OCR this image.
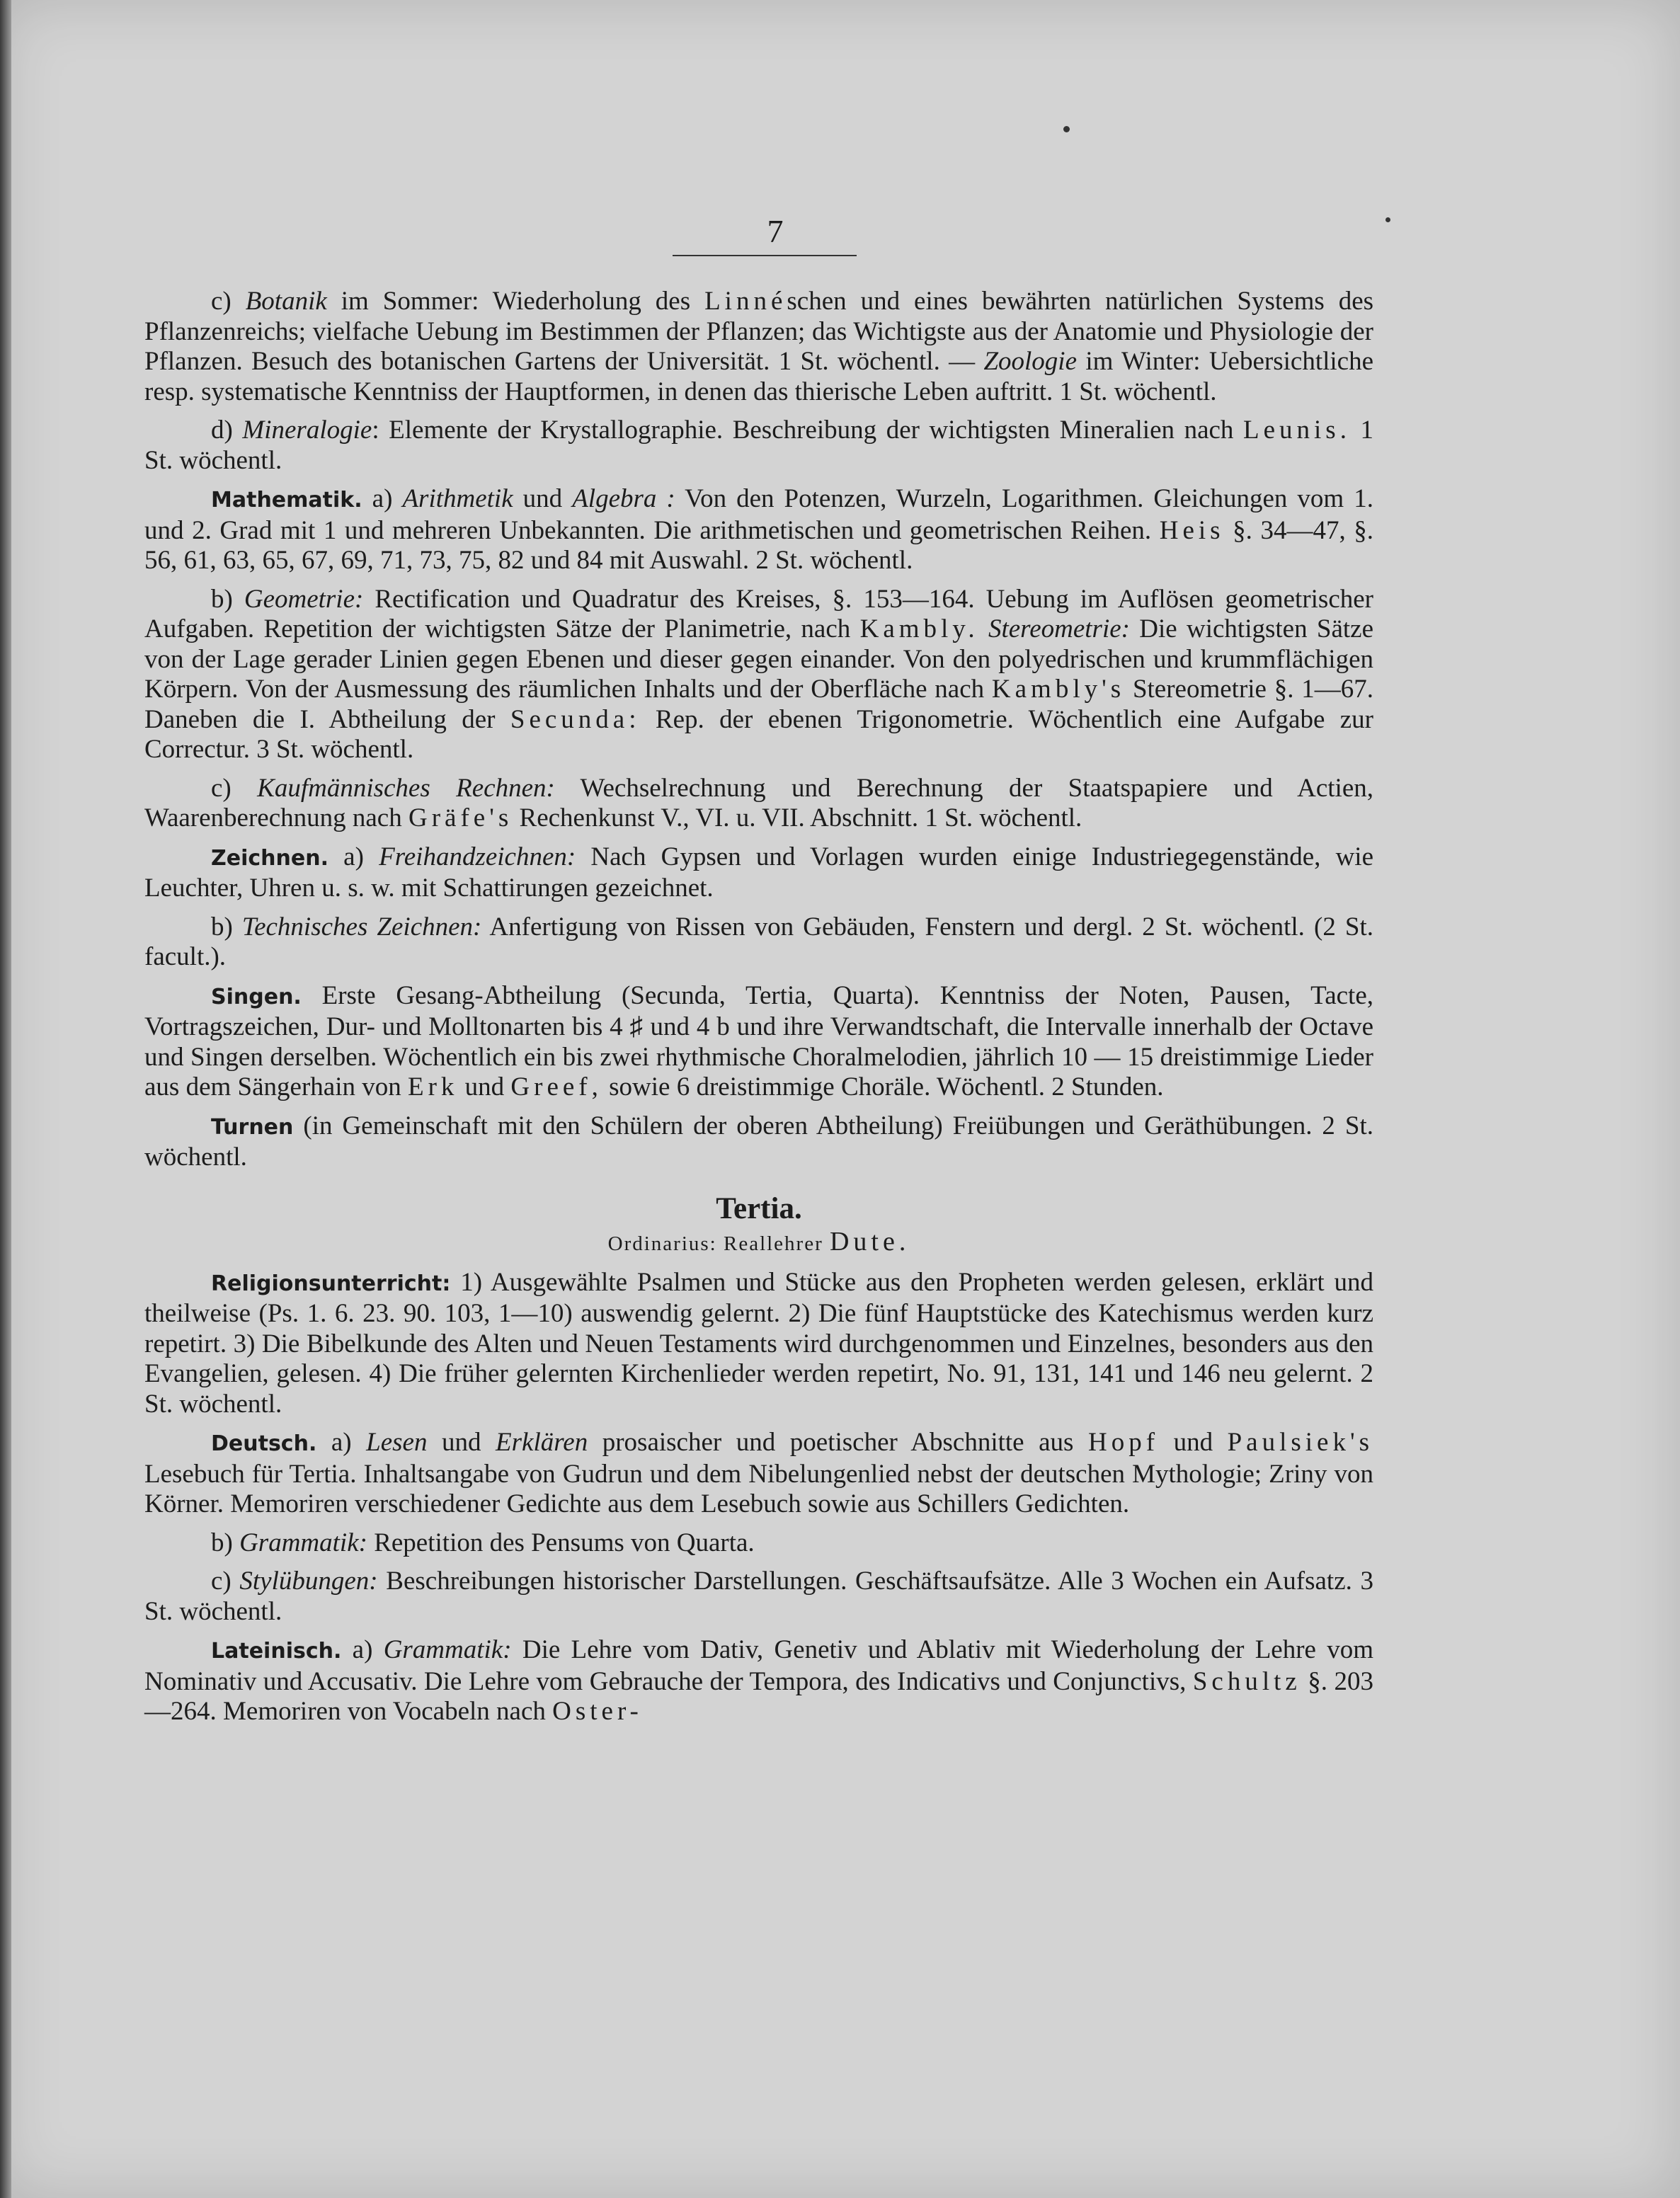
7

c) Botanik im Sommer: Wiederholung des Linnéschen und eines bewährten natürlichen Systems des Pflanzenreichs; vielfache Uebung im Bestimmen der Pflanzen; das Wichtigste aus der Anatomie und Physiologie der Pflanzen. Besuch des botanischen Gartens der Universität. 1 St. wöchentl. — Zoologie im Winter: Uebersichtliche resp. systematische Kenntniss der Hauptformen, in denen das thierische Leben auftritt. 1 St. wöchentl.

d) Mineralogie: Elemente der Krystallographie. Beschreibung der wichtigsten Mineralien nach Leunis. 1 St. wöchentl.

Mathematik. a) Arithmetik und Algebra : Von den Potenzen, Wurzeln, Logarithmen. Gleichungen vom 1. und 2. Grad mit 1 und mehreren Unbekannten. Die arithmetischen und geometrischen Reihen. Heis §. 34—47, §. 56, 61, 63, 65, 67, 69, 71, 73, 75, 82 und 84 mit Auswahl. 2 St. wöchentl.

b) Geometrie: Rectification und Quadratur des Kreises, §. 153—164. Uebung im Auflösen geometrischer Aufgaben. Repetition der wichtigsten Sätze der Planimetrie, nach Kambly. Stereometrie: Die wichtigsten Sätze von der Lage gerader Linien gegen Ebenen und dieser gegen einander. Von den polyedrischen und krummflächigen Körpern. Von der Ausmessung des räumlichen Inhalts und der Oberfläche nach Kambly's Stereometrie §. 1—67. Daneben die I. Abtheilung der Secunda: Rep. der ebenen Trigonometrie. Wöchentlich eine Aufgabe zur Correctur. 3 St. wöchentl.

c) Kaufmännisches Rechnen: Wechselrechnung und Berechnung der Staatspapiere und Actien, Waarenberechnung nach Gräfe's Rechenkunst V., VI. u. VII. Abschnitt. 1 St. wöchentl.

Zeichnen. a) Freihandzeichnen: Nach Gypsen und Vorlagen wurden einige Industriegegenstände, wie Leuchter, Uhren u. s. w. mit Schattirungen gezeichnet.

b) Technisches Zeichnen: Anfertigung von Rissen von Gebäuden, Fenstern und dergl. 2 St. wöchentl. (2 St. facult.).

Singen. Erste Gesang-Abtheilung (Secunda, Tertia, Quarta). Kenntniss der Noten, Pausen, Tacte, Vortragszeichen, Dur- und Molltonarten bis 4 ♯ und 4 b und ihre Verwandtschaft, die Intervalle innerhalb der Octave und Singen derselben. Wöchentlich ein bis zwei rhythmische Choralmelodien, jährlich 10 — 15 dreistimmige Lieder aus dem Sängerhain von Erk und Greef, sowie 6 dreistimmige Choräle. Wöchentl. 2 Stunden.

Turnen (in Gemeinschaft mit den Schülern der oberen Abtheilung) Freiübungen und Geräthübungen. 2 St. wöchentl.

Tertia.
Ordinarius: Reallehrer Dute.

Religionsunterricht: 1) Ausgewählte Psalmen und Stücke aus den Propheten werden gelesen, erklärt und theilweise (Ps. 1. 6. 23. 90. 103, 1—10) auswendig gelernt. 2) Die fünf Hauptstücke des Katechismus werden kurz repetirt. 3) Die Bibelkunde des Alten und Neuen Testaments wird durchgenommen und Einzelnes, besonders aus den Evangelien, gelesen. 4) Die früher gelernten Kirchenlieder werden repetirt, No. 91, 131, 141 und 146 neu gelernt. 2 St. wöchentl.

Deutsch. a) Lesen und Erklären prosaischer und poetischer Abschnitte aus Hopf und Paulsiek's Lesebuch für Tertia. Inhaltsangabe von Gudrun und dem Nibelungenlied nebst der deutschen Mythologie; Zriny von Körner. Memoriren verschiedener Gedichte aus dem Lesebuch sowie aus Schillers Gedichten.

b) Grammatik: Repetition des Pensums von Quarta.

c) Stylübungen: Beschreibungen historischer Darstellungen. Geschäftsaufsätze. Alle 3 Wochen ein Aufsatz. 3 St. wöchentl.

Lateinisch. a) Grammatik: Die Lehre vom Dativ, Genetiv und Ablativ mit Wiederholung der Lehre vom Nominativ und Accusativ. Die Lehre vom Gebrauche der Tempora, des Indicativs und Conjunctivs, Schultz §. 203—264. Memoriren von Vocabeln nach Oster-
